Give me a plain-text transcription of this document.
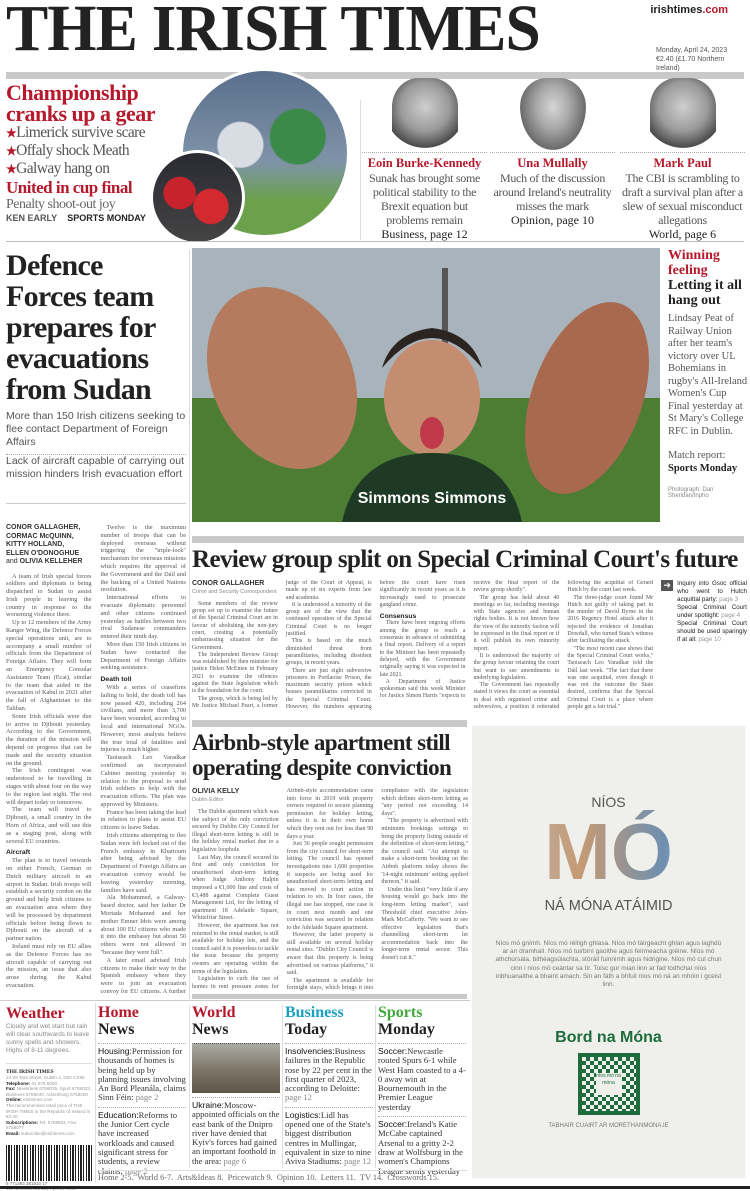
THE IRISH TIMES	irishtimes.com
Monday, April 24, 2023
€2.40 (£1.70 Northern Ireland)
Championship cranks up a gear
★Limerick survive scare
★Offaly shock Meath
★Galway hang on
United in cup final
Penalty shoot-out joy
KEN EARLY SPORTS MONDAY
Eoin Burke-Kennedy
Sunak has brought some political stability to the Brexit equation but problems remain
Business, page 12
Una Mullally
Much of the discussion around Ireland's neutrality misses the mark
Opinion, page 10
Mark Paul
The CBI is scrambling to draft a survival plan after a slew of sexual misconduct allegations
World, page 6
Defence Forces team prepares for evacuations from Sudan
More than 150 Irish citizens seeking to flee contact Department of Foreign Affairs
Lack of aircraft capable of carrying out mission hinders Irish evacuation effort
CONOR GALLAGHER,
CORMAC McQUINN,
KITTY HOLLAND,
ELLEN O'DONOGHUE
and OLIVIA KELLEHER

A team of Irish special forces soldiers and diplomats is being dispatched to Sudan to assist Irish people in leaving the country in response to the worsening violence there.

Up to 12 members of the Army Ranger Wing, the Defence Forces special operations unit, are to accompany a small number of officials from the Department of Foreign Affairs. They will form an Emergency Consular Assistance Team (Ecat), similar to the team that aided in the evacuation of Kabul in 2021 after the fall of Afghanistan to the Taliban.

Some Irish officials were due to arrive in Djibouti yesterday. According to the Government, the duration of the mission will depend on progress that can be made and the security situation on the ground.

The Irish contingent was understood to be travelling in stages with about four on the way to the region last night. The rest will depart today or tomorrow.

The team will travel to Djibouti, a small country in the Horn of Africa, and will use this as a staging post, along with several EU countries.

Aircraft

The plan is to travel onwards on either French, German or Dutch military aircraft to an airport in Sudan. Irish troops will establish a security cordon on the ground and help Irish citizens to an evacuation area where they will be processed by department officials before being flown to Djibouti on the aircraft of a partner nation.

Ireland must rely on EU allies as the Defence Forces has no aircraft capable of carrying out the mission, an issue that also arose during the Kabul evacuation.

Twelve is the maximum number of troops that can be deployed overseas without triggering the "triple-lock" mechanism for overseas missions which requires the approval of the Government and the Dáil and the backing of a United Nations resolution.

International efforts to evacuate diplomatic personnel and other citizens continued yesterday as battles between two rival Sudanese commanders entered their ninth day.

More than 150 Irish citizens in Sudan have contacted the Department of Foreign Affairs seeking assistance.

Death toll

With a series of ceasefires failing to hold, the death toll has now passed 420, including 264 civilians, and more than 3,700 have been wounded, according to local and international NGOs. However, most analysts believe the true total of fatalities and injuries is much higher.

Taoiseach Leo Varadkar confirmed an incorporated Cabinet meeting yesterday in relation to the proposal to send Irish soldiers to help with the evacuation efforts. The plan was approved by Ministers.

France has been taking the lead in relation to plans to assist EU citizens to leave Sudan.

Irish citizens attempting to flee Sudan were left locked out of the French embassy in Khartoum after being advised by the Department of Foreign Affairs an evacuation convoy would be leaving yesterday morning, families have said.

Ala Mohammed, a Galway-based doctor, said her father Dr Mortada Mohamed and her mother Emner Idris were among about 100 EU citizens who made it into the embassy but about 50 others were not allowed in "because they were full".

A later email advised Irish citizens to make their way to the Spanish embassy where they were to join an evacuation convoy for EU citizens. A further

Simmons Simmons
Winning feeling
Letting it all hang out
Lindsay Peat of Railway Union after her team's victory over UL Bohemians in rugby's All-Ireland Women's Cup Final yesterday at St Mary's College RFC in Dublin.
Match report:
Sports Monday
Photograph: Dan Sheridan/Inpho
Review group split on Special Criminal Court's future
CONOR GALLAGHER
Crime and Security Correspondent

Some members of the review group set up to examine the future of the Special Criminal Court are in favour of abolishing the non-jury court, creating a potentially embarrassing situation for the Government.

The Independent Review Group was established by then minister for justice Helen McEntee in February 2021 to examine the offences against the State legislation which is the foundation for the court.

The group, which is being led by Mr Justice Michael Peart, a former judge of the Court of Appeal, is made up of six experts from law and academia.

It is understood a minority of the group are of the view that the continued operation of the Special Criminal Court is no longer justified.

This is based on the much diminished threat from paramilitaries, including dissident groups, in recent years.

There are just eight subversive prisoners in Portlaoise Prison, the maximum security prison which houses paramilitaries convicted in the Special Criminal Court. However, the numbers appearing before the court have risen significantly in recent years as it is increasingly used to prosecute gangland crime.

Consensus

There have been ongoing efforts among the group to reach a consensus in advance of submitting a final report. Delivery of a report to the Minister has been repeatedly delayed, with the Government originally saying it was expected in late 2021.

A Department of Justice spokesman said this week Minister for Justice Simon Harris "expects to receive the final report of the review group shortly".

The group has held about 40 meetings so far, including meetings with State agencies and human rights bodies. It is not known how the view of the minority faction will be expressed in the final report or if it will publish its own minority report.

It is understood the majority of the group favour retaining the court but want to see amendments to underlying legislation.

The Government has repeatedly stated it views the court as essential to deal with organised crime and subversives, a position it reiterated following the acquittal of Gerard Hutch by the court last week.

The three-judge court found Mr Hutch not guilty of taking part in the murder of David Byrne in the 2016 Regency Hotel attack after it rejected the evidence of Jonathan Dowdall, who turned State's witness after facilitating the attack.

"The most recent case shows that the Special Criminal Court works," Taoiseach Leo Varadkar told the Dáil last week. "The fact that there was one acquittal, even though it was not the outcome the State desired, confirms that the Special Criminal Court is a place where people get a fair trial."

➜	Inquiry into Gsoc official who went to Hutch acquittal party: page 3
Special Criminal Court under spotlight: page 4
Special Criminal Court should be used sparingly if at all: page 10
Airbnb-style apartment still operating despite conviction
OLIVIA KELLY
Dublin Editor

The Dublin apartment which was the subject of the only conviction secured by Dublin City Council for illegal short-term letting is still in the holiday rental market due to a legislative loophole.

Last May, the council secured its first and only conviction for unauthorised short-term letting when Judge Anthony Halpin imposed a €1,000 fine and costs of €3,488 against Complete Guest Management Ltd, for the letting of apartment 18 Adelaide Square, Whitefriar Street.

However, the apartment has not returned to the rental market, is still available for holiday lets, and the council said it is powerless to tackle the issue because the property owners are operating within the terms of the legislation.

Legislation to curb the use of homes in rent pressure zones for Airbnb-style accommodation came into force in 2019 with property owners required to secure planning permission for holiday letting, unless it is in their own home which they rent out for less than 90 days a year.

Just 36 people sought permission from the city council for short-term letting. The council has opened investigations into 1,600 properties it suspects are being used for unauthorised short-term letting and has moved to court action in relation to six. In four cases, the illegal use has stopped, one case is in court next month and one conviction was secured in relation to the Adelaide Square apartment.

However, the latter property is still available on several holiday rental sites. "Dublin City Council is aware that this property is being advertised on various platforms," it said.

The apartment is available for fortnight stays, which brings it into compliance with the legislation which defines short-term letting as "any period not exceeding 14 days".

"The property is advertised with minimum bookings settings to bring the property listing outside of the definition of short-term letting," the council said. "An attempt to make a short-term booking on the Airbnb platform today shows the '14-night minimum' setting applied thereon," it said.

Under this limit "very little if any housing would go back into the long-term letting market", said Threshold chief executive John-Mark McCafferty. "We want to see effective legislation that's channelling short-term let accommodation back into the longer-term rental sector. This doesn't cut it."

NÍOS
MÓ
NÁ MÓNA ATÁIMID
Níos mó gnímh. Níos mó réitigh ghlasa. Níos mó táirgeacht ghlan agus laghdú ar an dramhaíl. Níos mó tuirbíní gaoithe agus feirmeacha gréine. Níos mó athchúrsála, bithéagsúlachta, stóráil fuinnimh agus hidrigine. Níos mó cul chun cinn i níos mó ceantar sa tír. Toisc gur mian linn ar fad todhchaí níos inbhuanaithe a bhaint amach. Sin an fáth a bhfuil níos mó ná an mhóin i gceist linn.
Bord na Móna
níos mó ná móna
TABHAIR CUAIRT AR MORETHANMONA.IE
Weather
Cloudy and wet start but rain will clear southwards to leave sunny spells and showers. Highs of 8-11 degrees.
THE IRISH TIMES
24-28 Tara Street, Dublin 2, D02 CX89
Telephone: 01 675 8000
Fax: Newsdesk 6758035, Sport 6758033, Business 6758040, Advertising 6758000
Online: irishtimes.com
The recommended retail price of THE IRISH TIMES in the Republic of Ireland is €2.40
Subscriptions: Tel: 8758804, Fax: 6758077
Email: subscribe@irishtimes.com
9 771393 381510 17
Home
News
Housing:Permission for thousands of homes is being held up by planning issues involving An Bord Pleanála, claims Sinn Féin: page 2
Education:Reforms to the Junior Cert cycle have increased workloads and caused significant stress for students, a review claims: page 2
World
News
Ukraine:Moscow-appointed officials on the east bank of the Dnipro river have denied that Kyiv's forces had gained an important foothold in the area: page 6
Business
Today
Insolvencies:Business failures in the Republic rose by 22 per cent in the first quarter of 2023, according to Deloitte: page 12
Logistics:Lidl has opened one of the State's biggest distribution centres in Mullingar, equivalent in size to nine Aviva Stadiums: page 12
Sports
Monday
Soccer:Newcastle routed Spurs 6-1 while West Ham coasted to a 4-0 away win at Bournemouth in the Premier League yesterday
Soccer:Ireland's Katie McCabe captained Arsenal to a gritty 2-2 draw at Wolfsburg in the women's Champions League semis yesterday
Home 2-5.  World 6-7.  Arts&Ideas 8.  Pricewatch 9.  Opinion 10.  Letters 11.  TV 14.  Crosswords 15.
